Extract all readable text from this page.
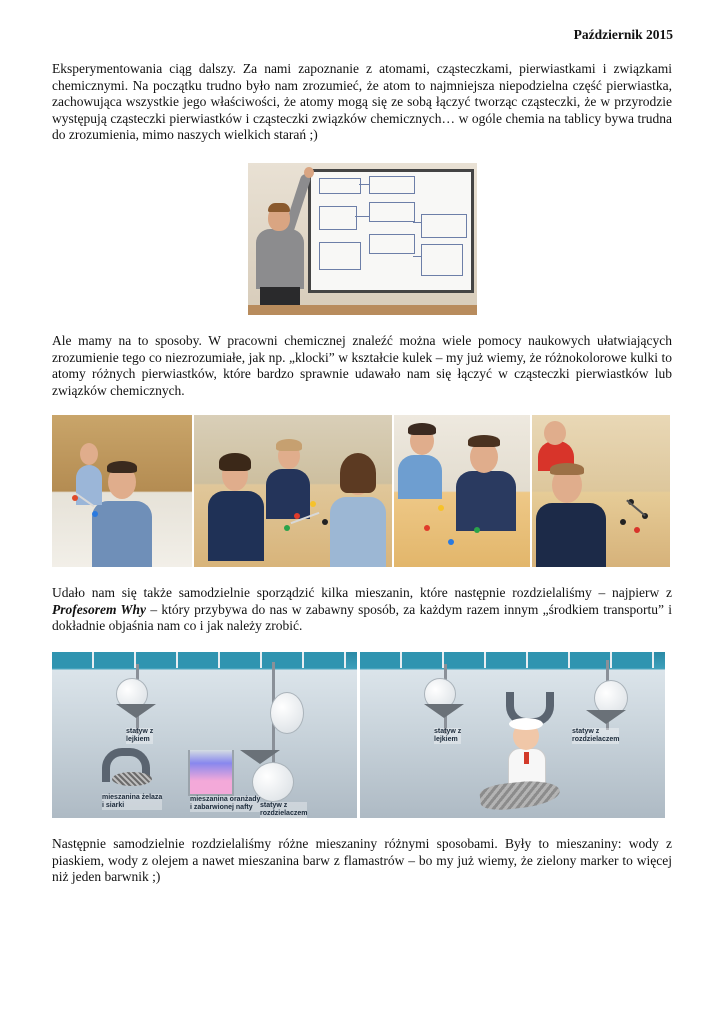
Październik 2015

Eksperymentowania ciąg dalszy. Za nami zapoznanie z atomami, cząsteczkami, pierwiastkami i związkami chemicznymi. Na początku trudno było nam zrozumieć, że atom to najmniejsza niepodzielna część pierwiastka, zachowująca wszystkie jego właściwości, że atomy mogą się ze sobą łączyć tworząc cząsteczki, że w przyrodzie występują cząsteczki pierwiastków i cząsteczki związków chemicznych… w ogóle chemia na tablicy bywa trudna do zrozumienia, mimo naszych wielkich starań ;)

Ale mamy na to sposoby. W pracowni chemicznej znaleźć można wiele pomocy naukowych ułatwiających zrozumienie tego co niezrozumiałe, jak np. „klocki” w kształcie kulek – my już wiemy, że różnokolorowe kulki to atomy różnych pierwiastków, które bardzo sprawnie udawało nam się łączyć w cząsteczki pierwiastków lub związków chemicznych.

Udało nam się także samodzielnie sporządzić kilka mieszanin, które następnie rozdzielaliśmy – najpierw z Profesorem Why – który przybywa do nas w zabawny sposób, za każdym razem innym „środkiem transportu” i dokładnie objaśnia nam co i jak należy zrobić.

statyw z
lejkiem
mieszanina żelaza
i siarki
mieszanina oranżady
i zabarwionej nafty	statyw z
rozdzielaczem
statyw z
lejkiem
statyw z
rozdzielaczem

Następnie samodzielnie rozdzielaliśmy różne mieszaniny różnymi sposobami. Były to mieszaniny: wody z piaskiem, wody z olejem a nawet mieszanina barw z flamastrów – bo my już wiemy, że zielony marker to więcej niż jeden barwnik ;)
